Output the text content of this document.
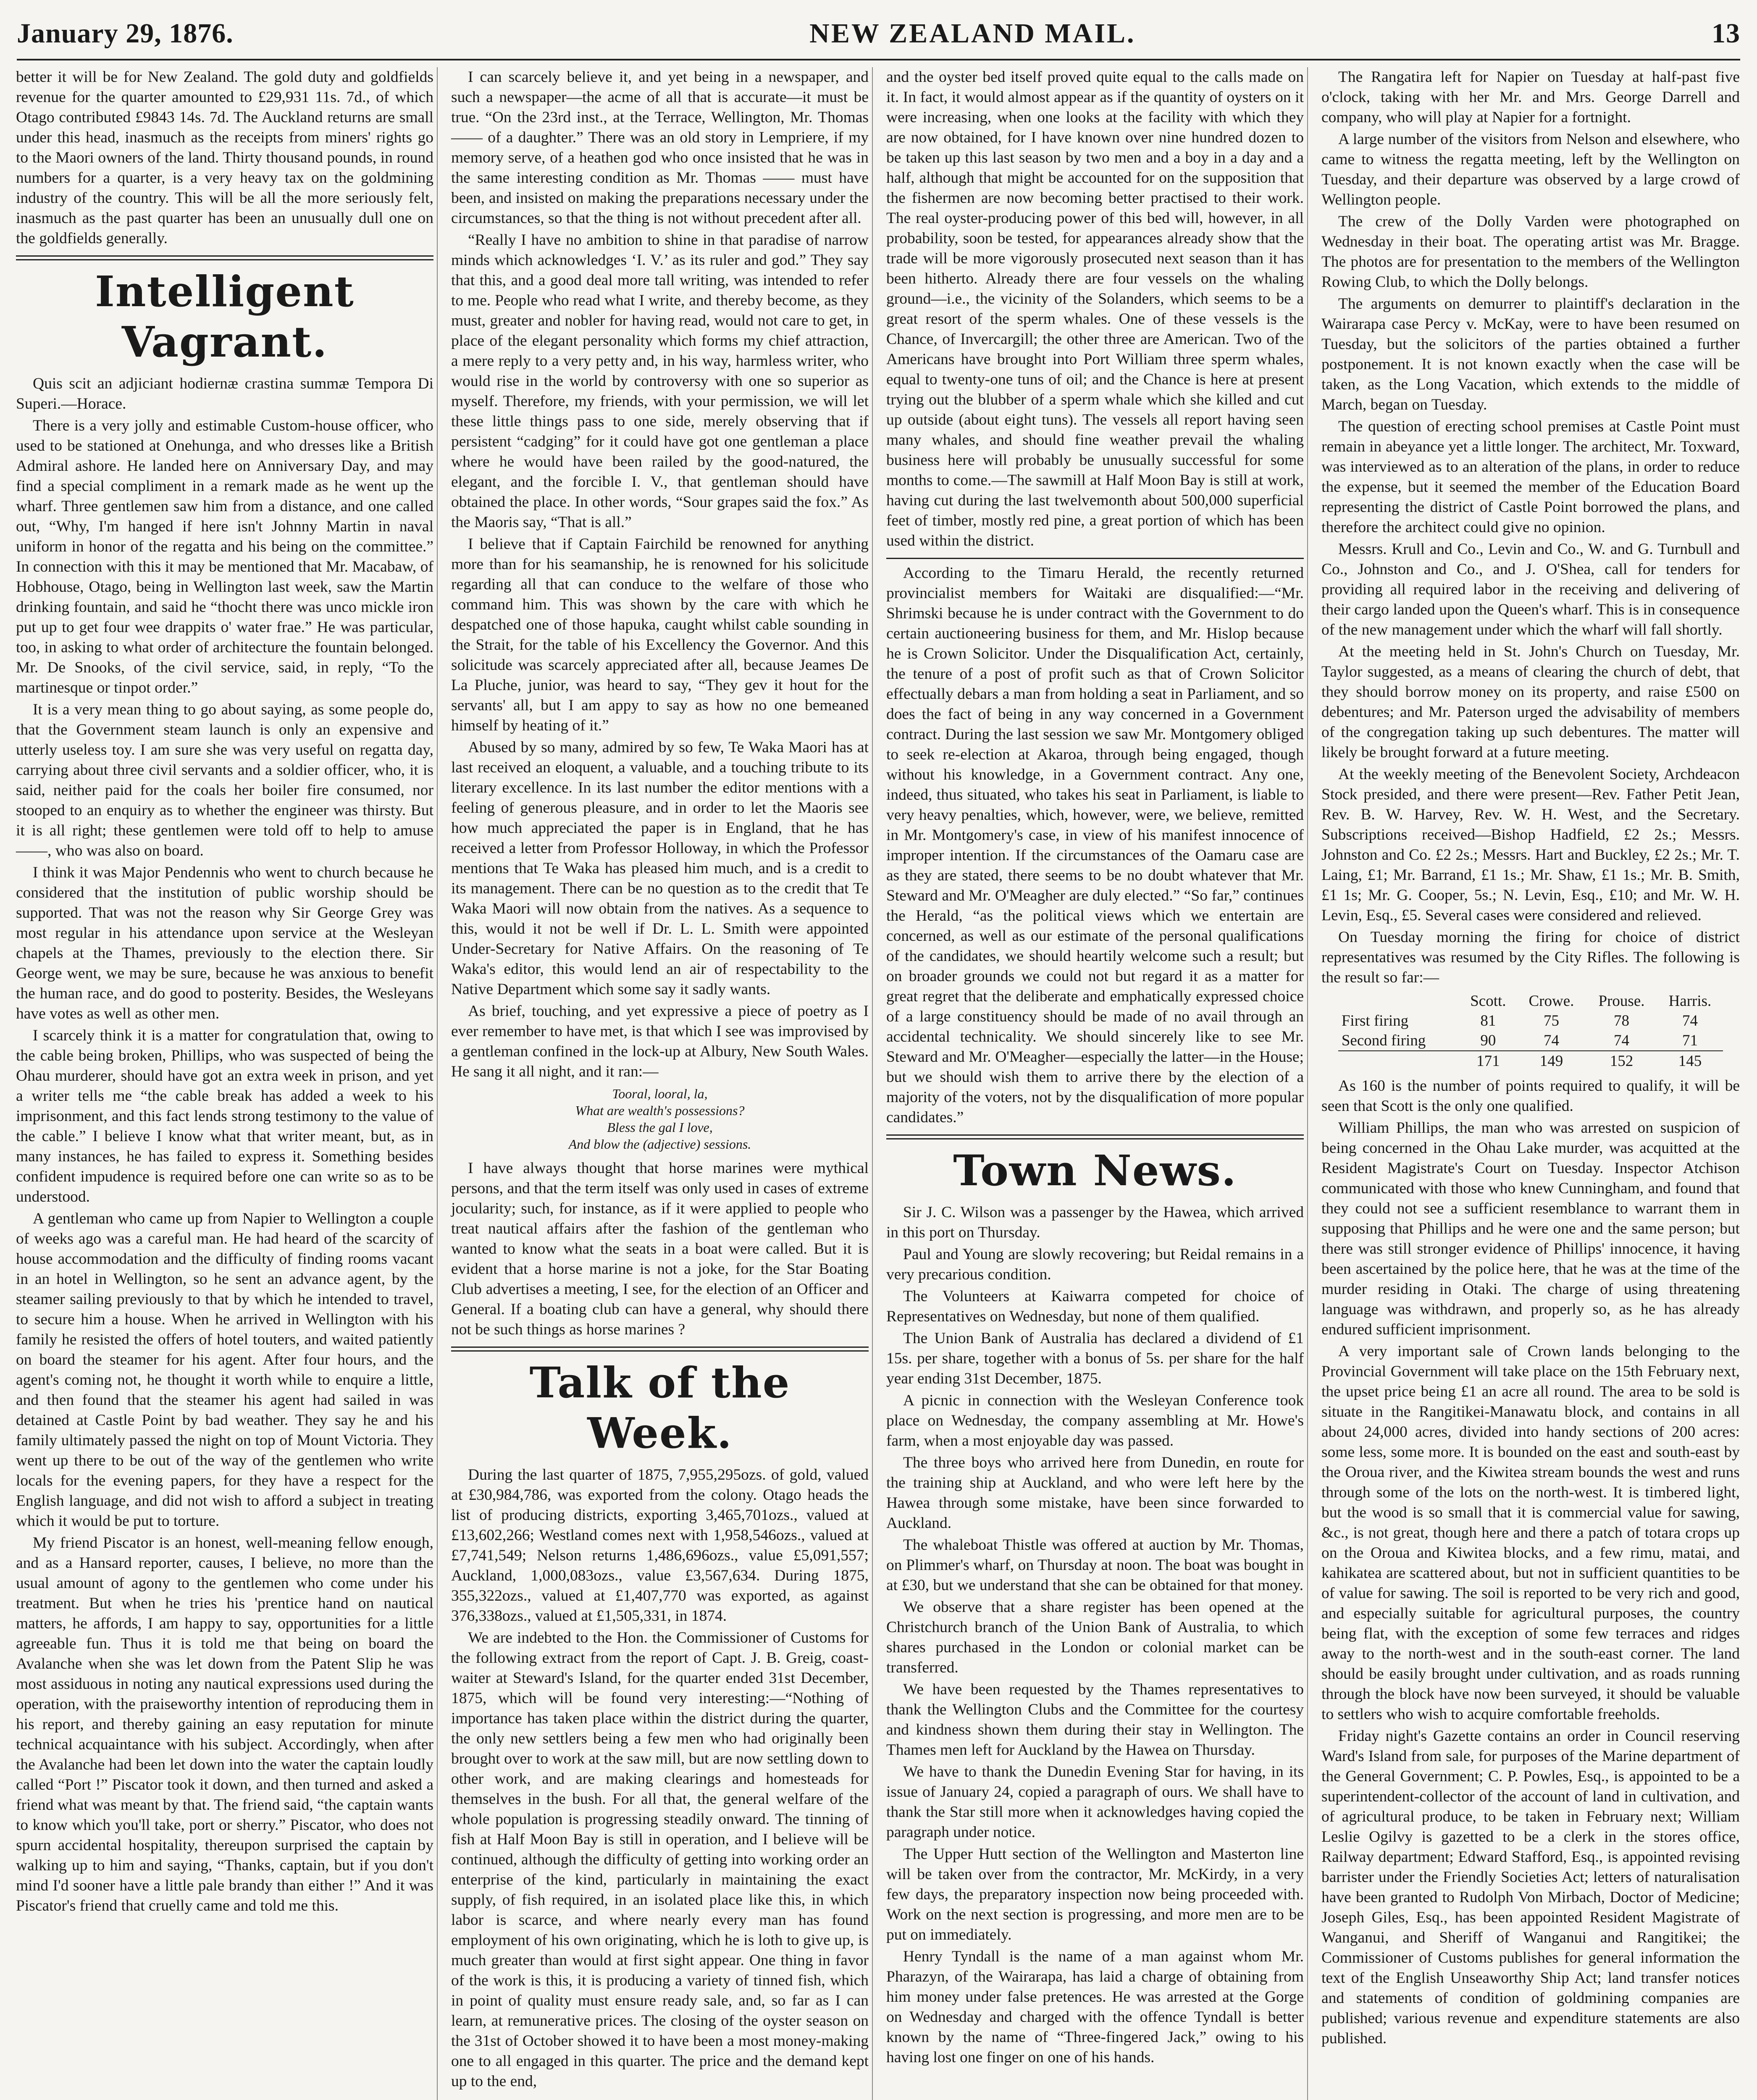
January 29, 1876.	NEW ZEALAND MAIL.	13

better it will be for New Zealand. The gold duty and goldfields revenue for the quarter amounted to £29,931 11s. 7d., of which Otago contributed £9843 14s. 7d. The Auckland returns are small under this head, inasmuch as the receipts from miners' rights go to the Maori owners of the land. Thirty thousand pounds, in round numbers for a quarter, is a very heavy tax on the goldmining industry of the country. This will be all the more seriously felt, inasmuch as the past quarter has been an unusually dull one on the goldfields generally.

Intelligent Vagrant.

Quis scit an adjiciant hodiernæ crastina summæ Tempora Di Superi.—Horace.

There is a very jolly and estimable Custom-house officer, who used to be stationed at Onehunga, and who dresses like a British Admiral ashore. He landed here on Anniversary Day, and may find a special compliment in a remark made as he went up the wharf. Three gentlemen saw him from a distance, and one called out, “Why, I'm hanged if here isn't Johnny Martin in naval uniform in honor of the regatta and his being on the committee.” In connection with this it may be mentioned that Mr. Macabaw, of Hobhouse, Otago, being in Wellington last week, saw the Martin drinking fountain, and said he “thocht there was unco mickle iron put up to get four wee drappits o' water frae.” He was particular, too, in asking to what order of architecture the fountain belonged. Mr. De Snooks, of the civil service, said, in reply, “To the martinesque or tinpot order.”

It is a very mean thing to go about saying, as some people do, that the Government steam launch is only an expensive and utterly useless toy. I am sure she was very useful on regatta day, carrying about three civil servants and a soldier officer, who, it is said, neither paid for the coals her boiler fire consumed, nor stooped to an enquiry as to whether the engineer was thirsty. But it is all right; these gentlemen were told off to help to amuse ——, who was also on board.

I think it was Major Pendennis who went to church because he considered that the institution of public worship should be supported. That was not the reason why Sir George Grey was most regular in his attendance upon service at the Wesleyan chapels at the Thames, previously to the election there. Sir George went, we may be sure, because he was anxious to benefit the human race, and do good to posterity. Besides, the Wesleyans have votes as well as other men.

I scarcely think it is a matter for congratulation that, owing to the cable being broken, Phillips, who was suspected of being the Ohau murderer, should have got an extra week in prison, and yet a writer tells me “the cable break has added a week to his imprisonment, and this fact lends strong testimony to the value of the cable.” I believe I know what that writer meant, but, as in many instances, he has failed to express it. Something besides confident impudence is required before one can write so as to be understood.

A gentleman who came up from Napier to Wellington a couple of weeks ago was a careful man. He had heard of the scarcity of house accommodation and the difficulty of finding rooms vacant in an hotel in Wellington, so he sent an advance agent, by the steamer sailing previously to that by which he intended to travel, to secure him a house. When he arrived in Wellington with his family he resisted the offers of hotel touters, and waited patiently on board the steamer for his agent. After four hours, and the agent's coming not, he thought it worth while to enquire a little, and then found that the steamer his agent had sailed in was detained at Castle Point by bad weather. They say he and his family ultimately passed the night on top of Mount Victoria. They went up there to be out of the way of the gentlemen who write locals for the evening papers, for they have a respect for the English language, and did not wish to afford a subject in treating which it would be put to torture.

My friend Piscator is an honest, well-meaning fellow enough, and as a Hansard reporter, causes, I believe, no more than the usual amount of agony to the gentlemen who come under his treatment. But when he tries his 'prentice hand on nautical matters, he affords, I am happy to say, opportunities for a little agreeable fun. Thus it is told me that being on board the Avalanche when she was let down from the Patent Slip he was most assiduous in noting any nautical expressions used during the operation, with the praiseworthy intention of reproducing them in his report, and thereby gaining an easy reputation for minute technical acquaintance with his subject. Accordingly, when after the Avalanche had been let down into the water the captain loudly called “Port !” Piscator took it down, and then turned and asked a friend what was meant by that. The friend said, “the captain wants to know which you'll take, port or sherry.” Piscator, who does not spurn accidental hospitality, thereupon surprised the captain by walking up to him and saying, “Thanks, captain, but if you don't mind I'd sooner have a little pale brandy than either !” And it was Piscator's friend that cruelly came and told me this.

I can scarcely believe it, and yet being in a newspaper, and such a newspaper—the acme of all that is accurate—it must be true. “On the 23rd inst., at the Terrace, Wellington, Mr. Thomas —— of a daughter.” There was an old story in Lempriere, if my memory serve, of a heathen god who once insisted that he was in the same interesting condition as Mr. Thomas —— must have been, and insisted on making the preparations necessary under the circumstances, so that the thing is not without precedent after all.

“Really I have no ambition to shine in that paradise of narrow minds which acknowledges ‘I. V.’ as its ruler and god.” They say that this, and a good deal more tall writing, was intended to refer to me. People who read what I write, and thereby become, as they must, greater and nobler for having read, would not care to get, in place of the elegant personality which forms my chief attraction, a mere reply to a very petty and, in his way, harmless writer, who would rise in the world by controversy with one so superior as myself. Therefore, my friends, with your permission, we will let these little things pass to one side, merely observing that if persistent “cadging” for it could have got one gentleman a place where he would have been railed by the good-natured, the elegant, and the forcible I. V., that gentleman should have obtained the place. In other words, “Sour grapes said the fox.” As the Maoris say, “That is all.”

I believe that if Captain Fairchild be renowned for anything more than for his seamanship, he is renowned for his solicitude regarding all that can conduce to the welfare of those who command him. This was shown by the care with which he despatched one of those hapuka, caught whilst cable sounding in the Strait, for the table of his Excellency the Governor. And this solicitude was scarcely appreciated after all, because Jeames De La Pluche, junior, was heard to say, “They gev it hout for the servants' all, but I am appy to say as how no one bemeaned himself by heating of it.”

Abused by so many, admired by so few, Te Waka Maori has at last received an eloquent, a valuable, and a touching tribute to its literary excellence. In its last number the editor mentions with a feeling of generous pleasure, and in order to let the Maoris see how much appreciated the paper is in England, that he has received a letter from Professor Holloway, in which the Professor mentions that Te Waka has pleased him much, and is a credit to its management. There can be no question as to the credit that Te Waka Maori will now obtain from the natives. As a sequence to this, would it not be well if Dr. L. L. Smith were appointed Under-Secretary for Native Affairs. On the reasoning of Te Waka's editor, this would lend an air of respectability to the Native Department which some say it sadly wants.

As brief, touching, and yet expressive a piece of poetry as I ever remember to have met, is that which I see was improvised by a gentleman confined in the lock-up at Albury, New South Wales. He sang it all night, and it ran:—

Tooral, looral, la,
What are wealth's possessions?
Bless the gal I love,
And blow the (adjective) sessions.

I have always thought that horse marines were mythical persons, and that the term itself was only used in cases of extreme jocularity; such, for instance, as if it were applied to people who treat nautical affairs after the fashion of the gentleman who wanted to know what the seats in a boat were called. But it is evident that a horse marine is not a joke, for the Star Boating Club advertises a meeting, I see, for the election of an Officer and General. If a boating club can have a general, why should there not be such things as horse marines ?

Talk of the Week.

During the last quarter of 1875, 7,955,295ozs. of gold, valued at £30,984,786, was exported from the colony. Otago heads the list of producing districts, exporting 3,465,701ozs., valued at £13,602,266; Westland comes next with 1,958,546ozs., valued at £7,741,549; Nelson returns 1,486,696ozs., value £5,091,557; Auckland, 1,000,083ozs., value £3,567,634. During 1875, 355,322ozs., valued at £1,407,770 was exported, as against 376,338ozs., valued at £1,505,331, in 1874.

We are indebted to the Hon. the Commissioner of Customs for the following extract from the report of Capt. J. B. Greig, coast-waiter at Steward's Island, for the quarter ended 31st December, 1875, which will be found very interesting:—“Nothing of importance has taken place within the district during the quarter, the only new settlers being a few men who had originally been brought over to work at the saw mill, but are now settling down to other work, and are making clearings and homesteads for themselves in the bush. For all that, the general welfare of the whole population is progressing steadily onward. The tinning of fish at Half Moon Bay is still in operation, and I believe will be continued, although the difficulty of getting into working order an enterprise of the kind, particularly in maintaining the exact supply, of fish required, in an isolated place like this, in which labor is scarce, and where nearly every man has found employment of his own originating, which he is loth to give up, is much greater than would at first sight appear. One thing in favor of the work is this, it is producing a variety of tinned fish, which in point of quality must ensure ready sale, and, so far as I can learn, at remunerative prices. The closing of the oyster season on the 31st of October showed it to have been a most money-making one to all engaged in this quarter. The price and the demand kept up to the end,

and the oyster bed itself proved quite equal to the calls made on it. In fact, it would almost appear as if the quantity of oysters on it were increasing, when one looks at the facility with which they are now obtained, for I have known over nine hundred dozen to be taken up this last season by two men and a boy in a day and a half, although that might be accounted for on the supposition that the fishermen are now becoming better practised to their work. The real oyster-producing power of this bed will, however, in all probability, soon be tested, for appearances already show that the trade will be more vigorously prosecuted next season than it has been hitherto. Already there are four vessels on the whaling ground—i.e., the vicinity of the Solanders, which seems to be a great resort of the sperm whales. One of these vessels is the Chance, of Invercargill; the other three are American. Two of the Americans have brought into Port William three sperm whales, equal to twenty-one tuns of oil; and the Chance is here at present trying out the blubber of a sperm whale which she killed and cut up outside (about eight tuns). The vessels all report having seen many whales, and should fine weather prevail the whaling business here will probably be unusually successful for some months to come.—The sawmill at Half Moon Bay is still at work, having cut during the last twelvemonth about 500,000 superficial feet of timber, mostly red pine, a great portion of which has been used within the district.

According to the Timaru Herald, the recently returned provincialist members for Waitaki are disqualified:—“Mr. Shrimski because he is under contract with the Government to do certain auctioneering business for them, and Mr. Hislop because he is Crown Solicitor. Under the Disqualification Act, certainly, the tenure of a post of profit such as that of Crown Solicitor effectually debars a man from holding a seat in Parliament, and so does the fact of being in any way concerned in a Government contract. During the last session we saw Mr. Montgomery obliged to seek re-election at Akaroa, through being engaged, though without his knowledge, in a Government contract. Any one, indeed, thus situated, who takes his seat in Parliament, is liable to very heavy penalties, which, however, were, we believe, remitted in Mr. Montgomery's case, in view of his manifest innocence of improper intention. If the circumstances of the Oamaru case are as they are stated, there seems to be no doubt whatever that Mr. Steward and Mr. O'Meagher are duly elected.” “So far,” continues the Herald, “as the political views which we entertain are concerned, as well as our estimate of the personal qualifications of the candidates, we should heartily welcome such a result; but on broader grounds we could not but regard it as a matter for great regret that the deliberate and emphatically expressed choice of a large constituency should be made of no avail through an accidental technicality. We should sincerely like to see Mr. Steward and Mr. O'Meagher—especially the latter—in the House; but we should wish them to arrive there by the election of a majority of the voters, not by the disqualification of more popular candidates.”

Town News.

Sir J. C. Wilson was a passenger by the Hawea, which arrived in this port on Thursday.

Paul and Young are slowly recovering; but Reidal remains in a very precarious condition.

The Volunteers at Kaiwarra competed for choice of Representatives on Wednesday, but none of them qualified.

The Union Bank of Australia has declared a dividend of £1 15s. per share, together with a bonus of 5s. per share for the half year ending 31st December, 1875.

A picnic in connection with the Wesleyan Conference took place on Wednesday, the company assembling at Mr. Howe's farm, when a most enjoyable day was passed.

The three boys who arrived here from Dunedin, en route for the training ship at Auckland, and who were left here by the Hawea through some mistake, have been since forwarded to Auckland.

The whaleboat Thistle was offered at auction by Mr. Thomas, on Plimmer's wharf, on Thursday at noon. The boat was bought in at £30, but we understand that she can be obtained for that money.

We observe that a share register has been opened at the Christchurch branch of the Union Bank of Australia, to which shares purchased in the London or colonial market can be transferred.

We have been requested by the Thames representatives to thank the Wellington Clubs and the Committee for the courtesy and kindness shown them during their stay in Wellington. The Thames men left for Auckland by the Hawea on Thursday.

We have to thank the Dunedin Evening Star for having, in its issue of January 24, copied a paragraph of ours. We shall have to thank the Star still more when it acknowledges having copied the paragraph under notice.

The Upper Hutt section of the Wellington and Masterton line will be taken over from the contractor, Mr. McKirdy, in a very few days, the preparatory inspection now being proceeded with. Work on the next section is progressing, and more men are to be put on immediately.

Henry Tyndall is the name of a man against whom Mr. Pharazyn, of the Wairarapa, has laid a charge of obtaining from him money under false pretences. He was arrested at the Gorge on Wednesday and charged with the offence Tyndall is better known by the name of “Three-fingered Jack,” owing to his having lost one finger on one of his hands.

The Rangatira left for Napier on Tuesday at half-past five o'clock, taking with her Mr. and Mrs. George Darrell and company, who will play at Napier for a fortnight.

A large number of the visitors from Nelson and elsewhere, who came to witness the regatta meeting, left by the Wellington on Tuesday, and their departure was observed by a large crowd of Wellington people.

The crew of the Dolly Varden were photographed on Wednesday in their boat. The operating artist was Mr. Bragge. The photos are for presentation to the members of the Wellington Rowing Club, to which the Dolly belongs.

The arguments on demurrer to plaintiff's declaration in the Wairarapa case Percy v. McKay, were to have been resumed on Tuesday, but the solicitors of the parties obtained a further postponement. It is not known exactly when the case will be taken, as the Long Vacation, which extends to the middle of March, began on Tuesday.

The question of erecting school premises at Castle Point must remain in abeyance yet a little longer. The architect, Mr. Toxward, was interviewed as to an alteration of the plans, in order to reduce the expense, but it seemed the member of the Education Board representing the district of Castle Point borrowed the plans, and therefore the architect could give no opinion.

Messrs. Krull and Co., Levin and Co., W. and G. Turnbull and Co., Johnston and Co., and J. O'Shea, call for tenders for providing all required labor in the receiving and delivering of their cargo landed upon the Queen's wharf. This is in consequence of the new management under which the wharf will fall shortly.

At the meeting held in St. John's Church on Tuesday, Mr. Taylor suggested, as a means of clearing the church of debt, that they should borrow money on its property, and raise £500 on debentures; and Mr. Paterson urged the advisability of members of the congregation taking up such debentures. The matter will likely be brought forward at a future meeting.

At the weekly meeting of the Benevolent Society, Archdeacon Stock presided, and there were present—Rev. Father Petit Jean, Rev. B. W. Harvey, Rev. W. H. West, and the Secretary. Subscriptions received—Bishop Hadfield, £2 2s.; Messrs. Johnston and Co. £2 2s.; Messrs. Hart and Buckley, £2 2s.; Mr. T. Laing, £1; Mr. Barrand, £1 1s.; Mr. Shaw, £1 1s.; Mr. B. Smith, £1 1s; Mr. G. Cooper, 5s.; N. Levin, Esq., £10; and Mr. W. H. Levin, Esq., £5. Several cases were considered and relieved.

On Tuesday morning the firing for choice of district representatives was resumed by the City Rifles. The following is the result so far:—

	Scott.	Crowe.	Prouse.	Harris.
First firing	81	75	78	74
Second firing	90	74	74	71
	171	149	152	145

As 160 is the number of points required to qualify, it will be seen that Scott is the only one qualified.

William Phillips, the man who was arrested on suspicion of being concerned in the Ohau Lake murder, was acquitted at the Resident Magistrate's Court on Tuesday. Inspector Atchison communicated with those who knew Cunningham, and found that they could not see a sufficient resemblance to warrant them in supposing that Phillips and he were one and the same person; but there was still stronger evidence of Phillips' innocence, it having been ascertained by the police here, that he was at the time of the murder residing in Otaki. The charge of using threatening language was withdrawn, and properly so, as he has already endured sufficient imprisonment.

A very important sale of Crown lands belonging to the Provincial Government will take place on the 15th February next, the upset price being £1 an acre all round. The area to be sold is situate in the Rangitikei-Manawatu block, and contains in all about 24,000 acres, divided into handy sections of 200 acres: some less, some more. It is bounded on the east and south-east by the Oroua river, and the Kiwitea stream bounds the west and runs through some of the lots on the north-west. It is timbered light, but the wood is so small that it is commercial value for sawing, &c., is not great, though here and there a patch of totara crops up on the Oroua and Kiwitea blocks, and a few rimu, matai, and kahikatea are scattered about, but not in sufficient quantities to be of value for sawing. The soil is reported to be very rich and good, and especially suitable for agricultural purposes, the country being flat, with the exception of some few terraces and ridges away to the north-west and in the south-east corner. The land should be easily brought under cultivation, and as roads running through the block have now been surveyed, it should be valuable to settlers who wish to acquire comfortable freeholds.

Friday night's Gazette contains an order in Council reserving Ward's Island from sale, for purposes of the Marine department of the General Government; C. P. Powles, Esq., is appointed to be a superintendent-collector of the account of land in cultivation, and of agricultural produce, to be taken in February next; William Leslie Ogilvy is gazetted to be a clerk in the stores office, Railway department; Edward Stafford, Esq., is appointed revising barrister under the Friendly Societies Act; letters of naturalisation have been granted to Rudolph Von Mirbach, Doctor of Medicine; Joseph Giles, Esq., has been appointed Resident Magistrate of Wanganui, and Sheriff of Wanganui and Rangitikei; the Commissioner of Customs publishes for general information the text of the English Unseaworthy Ship Act; land transfer notices and statements of condition of goldmining companies are published; various revenue and expenditure statements are also published.
